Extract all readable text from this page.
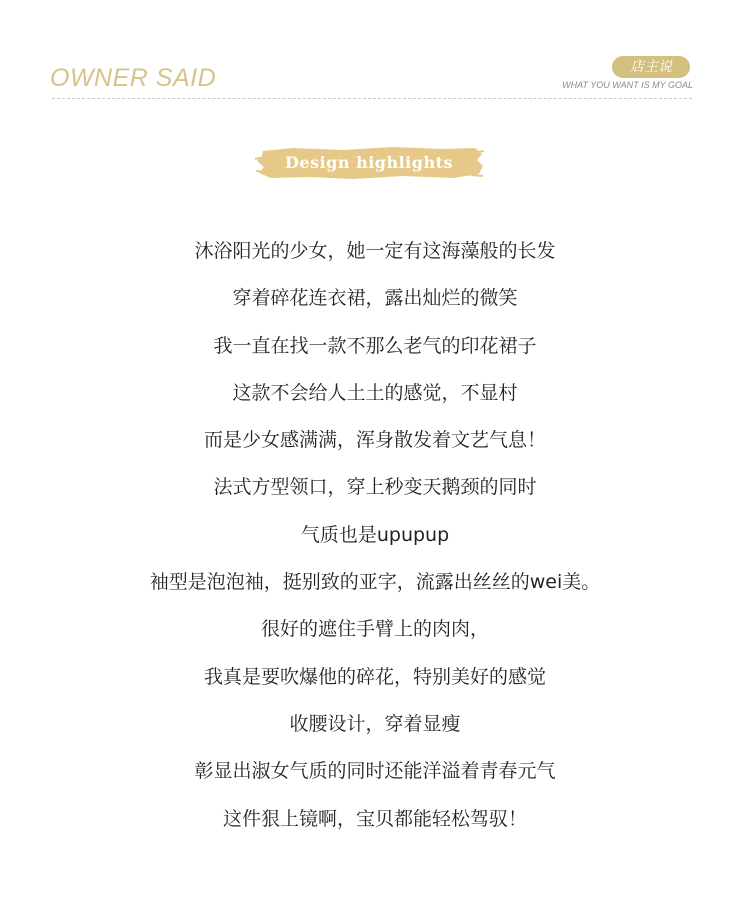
OWNER SAID	店主说
WHAT YOU WANT IS MY GOAL
Design highlights
沐浴阳光的少女，她一定有这海藻般的长发
穿着碎花连衣裙，露出灿烂的微笑
我一直在找一款不那么老气的印花裙子
这款不会给人土土的感觉，不显村
而是少女感满满，浑身散发着文艺气息！
法式方型领口，穿上秒变天鹅颈的同时
气质也是upupup
袖型是泡泡袖，挺别致的亚字，流露出丝丝的wei美。
很好的遮住手臂上的肉肉，
我真是要吹爆他的碎花，特别美好的感觉
收腰设计，穿着显瘦
彰显出淑女气质的同时还能洋溢着青春元气
这件狠上镜啊，宝贝都能轻松驾驭！
